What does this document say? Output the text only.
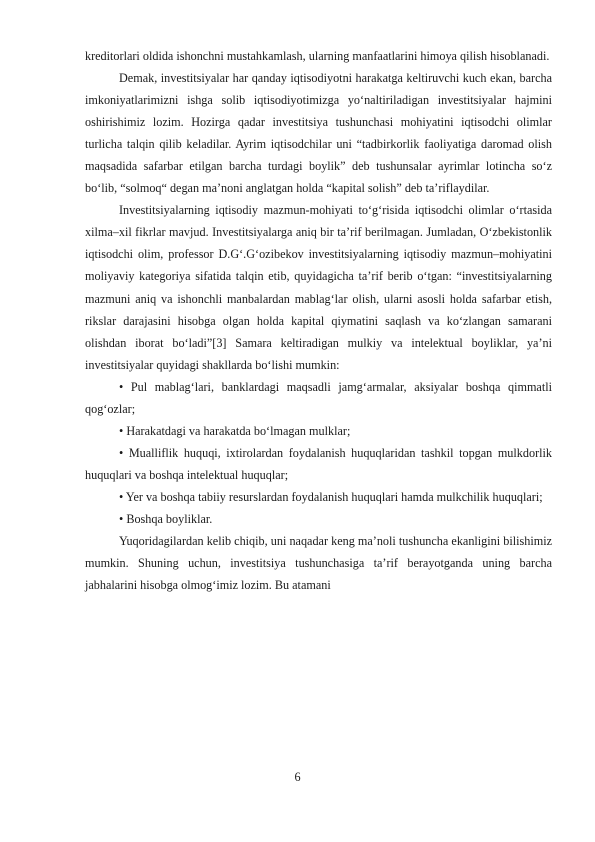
kreditorlari oldida ishonchni mustahkamlash, ularning manfaatlarini himoya qilish hisoblanadi.

Demak, investitsiyalar har qanday iqtisodiyotni harakatga keltiruvchi kuch ekan, barcha imkoniyatlarimizni ishga solib iqtisodiyotimizga yo‘naltiriladigan investitsiyalar hajmini oshirishimiz lozim. Hozirga qadar investitsiya tushunchasi mohiyatini iqtisodchi olimlar turlicha talqin qilib keladilar. Ayrim iqtisodchilar uni “tadbirkorlik faoliyatiga daromad olish maqsadida safarbar etilgan barcha turdagi boylik” deb tushunsalar ayrimlar lotincha so‘z bo‘lib, “solmoq“ degan ma’noni anglatgan holda “kapital solish” deb ta’riflaydilar.

Investitsiyalarning iqtisodiy mazmun-mohiyati to‘g‘risida iqtisodchi olimlar o‘rtasida xilma–xil fikrlar mavjud. Investitsiyalarga aniq bir ta’rif berilmagan. Jumladan, O‘zbekistonlik iqtisodchi olim, professor D.G‘.G‘ozibekov investitsiyalarning iqtisodiy mazmun–mohiyatini moliyaviy kategoriya sifatida talqin etib, quyidagicha ta’rif berib o‘tgan: “investitsiyalarning mazmuni aniq va ishonchli manbalardan mablag‘lar olish, ularni asosli holda safarbar etish, rikslar darajasini hisobga olgan holda kapital qiymatini saqlash va ko‘zlangan samarani olishdan iborat bo‘ladi”[3] Samara keltiradigan mulkiy va intelektual boyliklar, ya’ni investitsiyalar quyidagi shakllarda bo‘lishi mumkin:

• Pul mablag‘lari, banklardagi maqsadli jamg‘armalar, aksiyalar boshqa qimmatli qog‘ozlar;

• Harakatdagi va harakatda bo‘lmagan mulklar;

• Mualliflik huquqi, ixtirolardan foydalanish huquqlaridan tashkil topgan mulkdorlik huquqlari va boshqa intelektual huquqlar;

• Yer va boshqa tabiiy resurslardan foydalanish huquqlari hamda mulkchilik huquqlari;

• Boshqa boyliklar.

Yuqoridagilardan kelib chiqib, uni naqadar keng ma’noli tushuncha ekanligini bilishimiz mumkin. Shuning uchun, investitsiya tushunchasiga ta’rif berayotganda uning barcha jabhalarini hisobga olmog‘imiz lozim. Bu atamani

6
